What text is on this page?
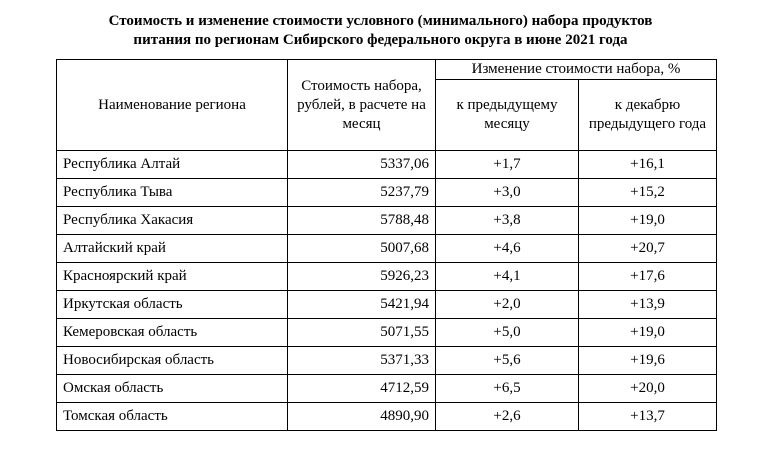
Стоимость и изменение стоимости условного (минимального) набора продуктов
питания по регионам Сибирского федерального округа в июне 2021 года
Наименование региона	Стоимость набора, рублей, в расчете на месяц	Изменение стоимости набора, %	
		к предыдущему месяцу	к декабрю предыдущего года
Республика Алтай	5337,06	+1,7	+16,1
Республика Тыва	5237,79	+3,0	+15,2
Республика Хакасия	5788,48	+3,8	+19,0
Алтайский край	5007,68	+4,6	+20,7
Красноярский край	5926,23	+4,1	+17,6
Иркутская область	5421,94	+2,0	+13,9
Кемеровская область	5071,55	+5,0	+19,0
Новосибирская область	5371,33	+5,6	+19,6
Омская область	4712,59	+6,5	+20,0
Томская область	4890,90	+2,6	+13,7
